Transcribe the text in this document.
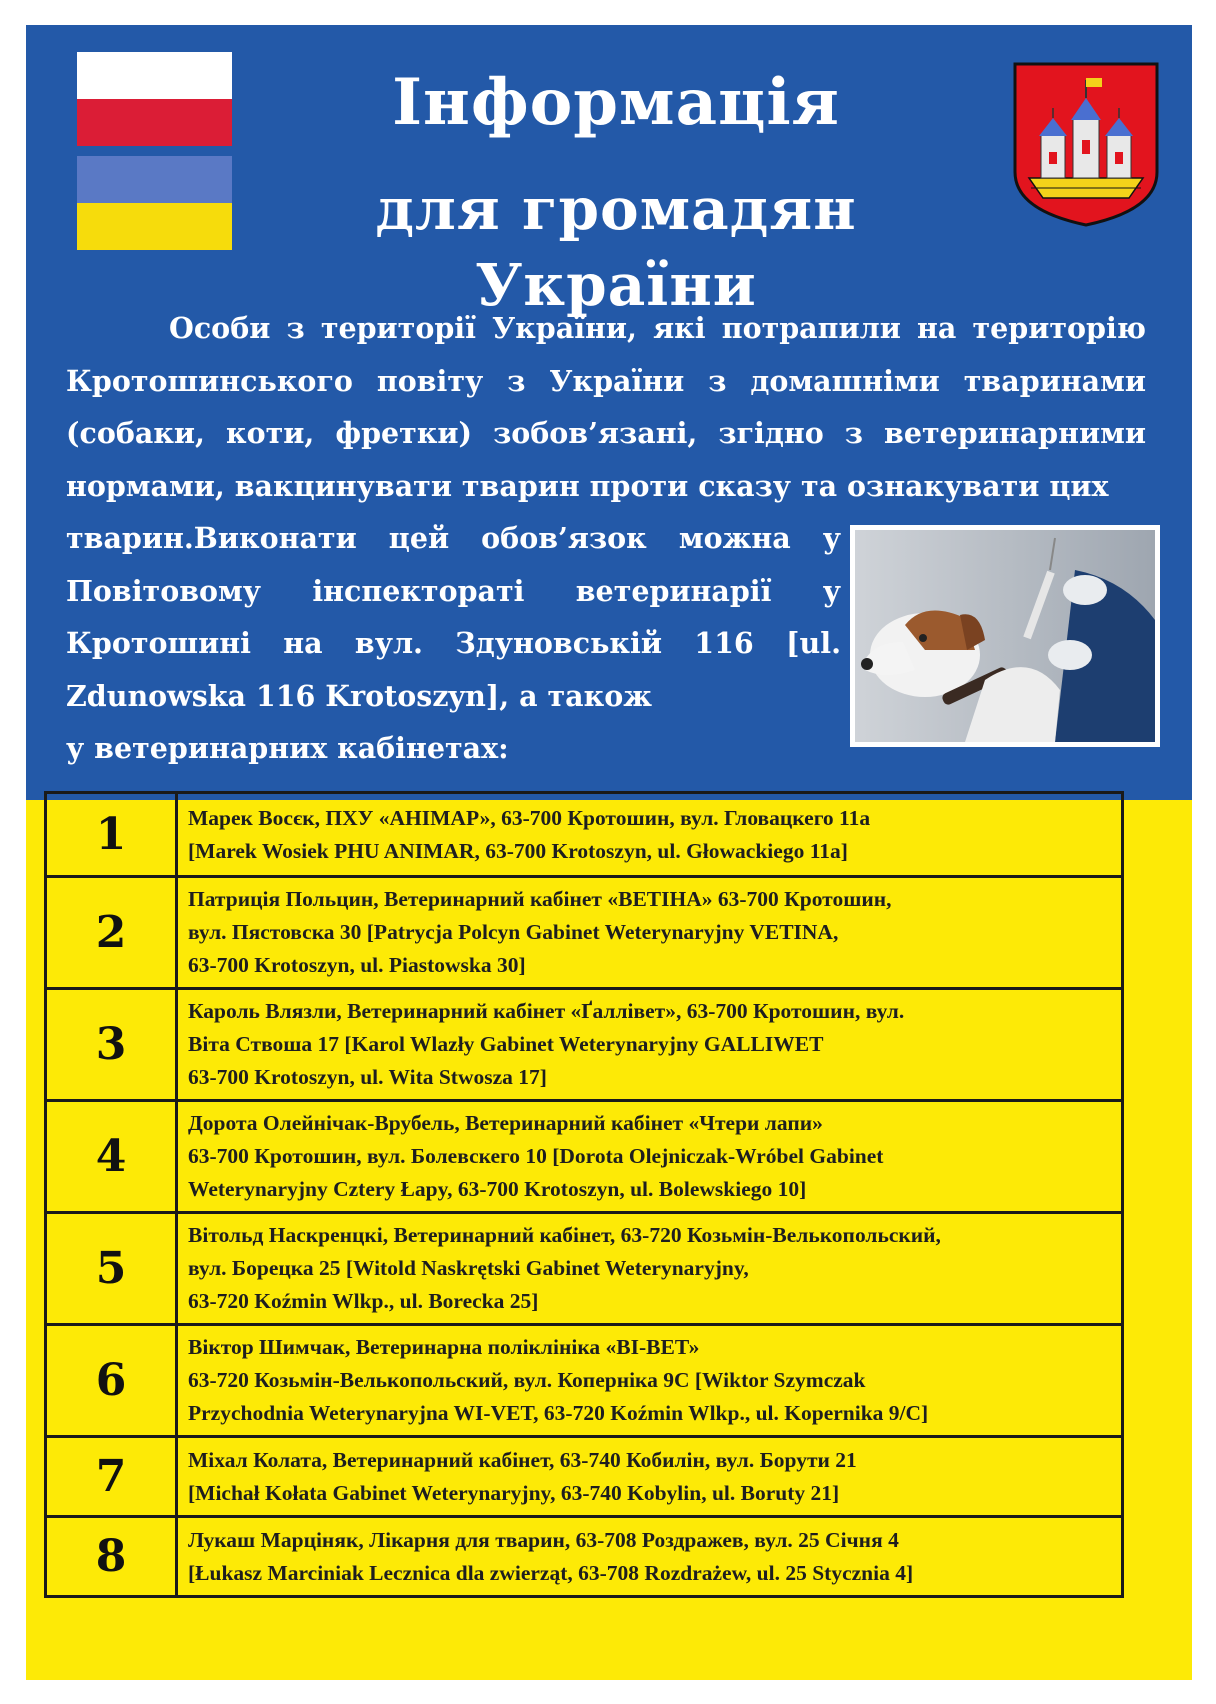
Інформація
для громадян України

Особи з території України, які потрапили на територію Кротошинського повіту з України з домашніми тваринами (собаки, коти, фретки) зобов’язані, згідно з ветеринарними нормами, вакцинувати тварин проти сказу та ознакувати цих

тварин.Виконати цей обов’язок можна у Повітовому інспекторатi ветеринарії у Кротошині на вул. Здуновській 116 [ul. Zdunowska 116 Krotoszyn], а також

у ветеринарних кабінетах:

1	Марек Восєк, ПХУ «АНІМАР», 63-700 Кротошин, вул. Гловацкего 11а
[Marek Wosiek PHU ANIMAR, 63-700 Krotoszyn, ul. Głowackiego 11a]

2	Патриція Польцин, Ветеринарний кабінет «ВЕТІНА» 63-700 Кротошин,
вул. Пястовска 30 [Patrycja Polcyn Gabinet Weterynaryjny VETINA,
63-700 Krotoszyn, ul. Piastowska 30]

3	Кароль Влязли, Ветеринарний кабінет «Ґаллівет», 63-700 Кротошин, вул.
Віта Ствоша 17 [Karol Wlazły Gabinet Weterynaryjny GALLIWET
63-700 Krotoszyn, ul. Wita Stwosza 17]

4	Дорота Олейнічак-Врубель, Ветеринарний кабінет «Чтери лапи»
63-700 Кротошин, вул. Болевскего 10 [Dorota Olejniczak-Wróbel Gabinet
Weterynaryjny Cztery Łapy, 63-700 Krotoszyn, ul. Bolewskiego 10]

5	Вітольд Наскренцкі, Ветеринарний кабінет, 63-720 Козьмін-Велькопольский,
вул. Борецка 25 [Witold Naskrętski Gabinet Weterynaryjny,
63-720 Koźmin Wlkp., ul. Borecka 25]

6	Віктор Шимчак, Ветеринарна поліклініка «ВІ-ВЕТ»
63-720 Козьмін-Велькопольский, вул. Коперніка 9С [Wiktor Szymczak
Przychodnia Weterynaryjna WI-VET, 63-720 Koźmin Wlkp., ul. Kopernika 9/C]

7	Міхал Колата, Ветеринарний кабінет, 63-740 Кобилін, вул. Борути 21
[Michał Kołata Gabinet Weterynaryjny, 63-740 Kobylin, ul. Boruty 21]

8	Лукаш Марціняк, Лікарня для тварин, 63-708 Роздражев, вул. 25 Січня 4
[Łukasz Marciniak Lecznica dla zwierząt, 63-708 Rozdrażew, ul. 25 Stycznia 4]
